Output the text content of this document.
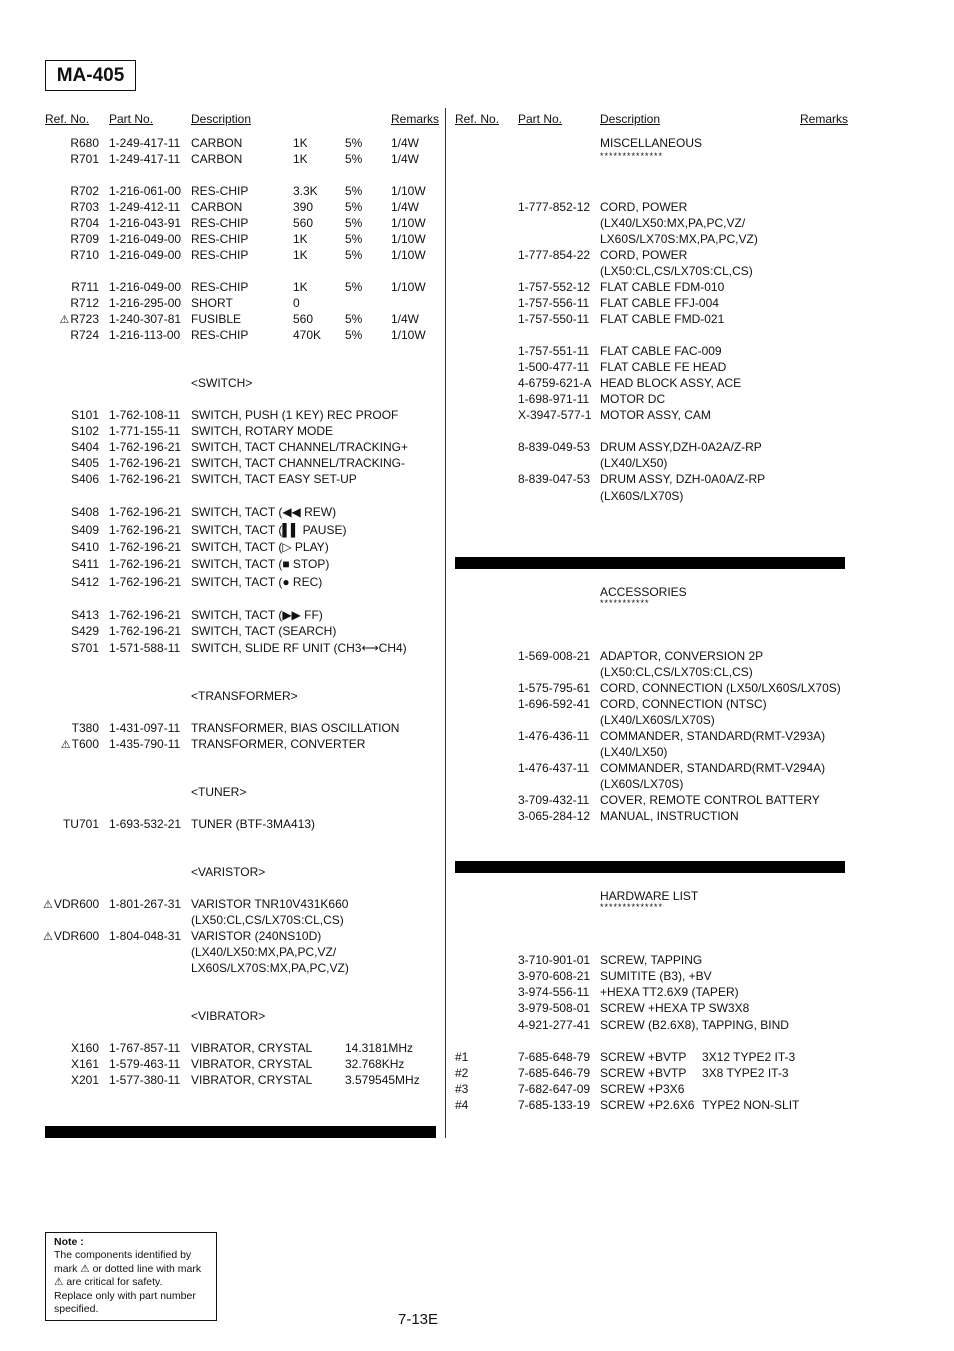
MA-405
Ref. No. Part No.	Description	Remarks Ref. No. Part No.	Description	Remarks
R680 1-249-417-11 CARBON	1K	5% 1/4W
R701 1-249-417-11 CARBON	1K	5% 1/4W
R702 1-216-061-00 RES-CHIP	3.3K 5% 1/10W
R703 1-249-412-11 CARBON	390	5% 1/4W
R704 1-216-043-91 RES-CHIP	560	5% 1/10W
R709 1-216-049-00 RES-CHIP	1K	5% 1/10W
R710 1-216-049-00 RES-CHIP	1K	5% 1/10W
R711 1-216-049-00 RES-CHIP	1K	5% 1/10W
R712 1-216-295-00 SHORT	0
⚠R723 1-240-307-81 FUSIBLE	560	5% 1/4W
R724 1-216-113-00 RES-CHIP	470K 5% 1/10W
<SWITCH>
S101 1-762-108-11 SWITCH, PUSH (1 KEY) REC PROOF
S102 1-771-155-11 SWITCH, ROTARY MODE
S404 1-762-196-21 SWITCH, TACT CHANNEL/TRACKING+
S405 1-762-196-21 SWITCH, TACT CHANNEL/TRACKING-
S406 1-762-196-21 SWITCH, TACT EASY SET-UP
S408 1-762-196-21 SWITCH, TACT (◀◀ REW)
S409 1-762-196-21 SWITCH, TACT (▌▌ PAUSE)
S410 1-762-196-21 SWITCH, TACT (▷ PLAY)
S411 1-762-196-21 SWITCH, TACT (■ STOP)
S412 1-762-196-21 SWITCH, TACT (● REC)
S413 1-762-196-21 SWITCH, TACT (▶▶ FF)
S429 1-762-196-21 SWITCH, TACT (SEARCH)
S701 1-571-588-11 SWITCH, SLIDE RF UNIT (CH3⟷CH4)
<TRANSFORMER>
T380 1-431-097-11 TRANSFORMER, BIAS OSCILLATION
⚠T600 1-435-790-11 TRANSFORMER, CONVERTER
<TUNER>
TU701 1-693-532-21 TUNER (BTF-3MA413)
<VARISTOR>
⚠VDR600 1-801-267-31 VARISTOR TNR10V431K660
(LX50:CL,CS/LX70S:CL,CS)
⚠VDR600 1-804-048-31 VARISTOR (240NS10D)
(LX40/LX50:MX,PA,PC,VZ/
LX60S/LX70S:MX,PA,PC,VZ)
<VIBRATOR>
X160 1-767-857-11 VIBRATOR, CRYSTAL	14.3181MHz
X161 1-579-463-11 VIBRATOR, CRYSTAL	32.768KHz
X201 1-577-380-11 VIBRATOR, CRYSTAL	3.579545MHz
MISCELLANEOUS
**************
1-777-852-12 CORD, POWER
(LX40/LX50:MX,PA,PC,VZ/
LX60S/LX70S:MX,PA,PC,VZ)
1-777-854-22 CORD, POWER
(LX50:CL,CS/LX70S:CL,CS)
1-757-552-12 FLAT CABLE FDM-010
1-757-556-11 FLAT CABLE FFJ-004
1-757-550-11 FLAT CABLE FMD-021
1-757-551-11 FLAT CABLE FAC-009
1-500-477-11 FLAT CABLE FE HEAD
4-6759-621-A HEAD BLOCK ASSY, ACE
1-698-971-11 MOTOR DC
X-3947-577-1 MOTOR ASSY, CAM
8-839-049-53 DRUM ASSY,DZH-0A2A/Z-RP
(LX40/LX50)
8-839-047-53 DRUM ASSY, DZH-0A0A/Z-RP
(LX60S/LX70S)
ACCESSORIES
***********
1-569-008-21 ADAPTOR, CONVERSION 2P
(LX50:CL,CS/LX70S:CL,CS)
1-575-795-61 CORD, CONNECTION (LX50/LX60S/LX70S)
1-696-592-41 CORD, CONNECTION (NTSC)
(LX40/LX60S/LX70S)
1-476-436-11 COMMANDER, STANDARD(RMT-V293A)
(LX40/LX50)
1-476-437-11 COMMANDER, STANDARD(RMT-V294A)
(LX60S/LX70S)
3-709-432-11 COVER, REMOTE CONTROL BATTERY
3-065-284-12 MANUAL, INSTRUCTION
HARDWARE LIST
**************
3-710-901-01 SCREW, TAPPING
3-970-608-21 SUMITITE (B3), +BV
3-974-556-11 +HEXA TT2.6X9 (TAPER)
3-979-508-01 SCREW +HEXA TP SW3X8
4-921-277-41 SCREW (B2.6X8), TAPPING, BIND
#1	7-685-648-79 SCREW +BVTP 3X12 TYPE2 IT-3
#2	7-685-646-79 SCREW +BVTP 3X8 TYPE2 IT-3
#3	7-682-647-09 SCREW +P3X6
#4	7-685-133-19 SCREW +P2.6X6 TYPE2 NON-SLIT
Note :
The components identified by
mark ⚠ or dotted line with mark
⚠ are critical for safety.
Replace only with part number
specified.
7-13E
